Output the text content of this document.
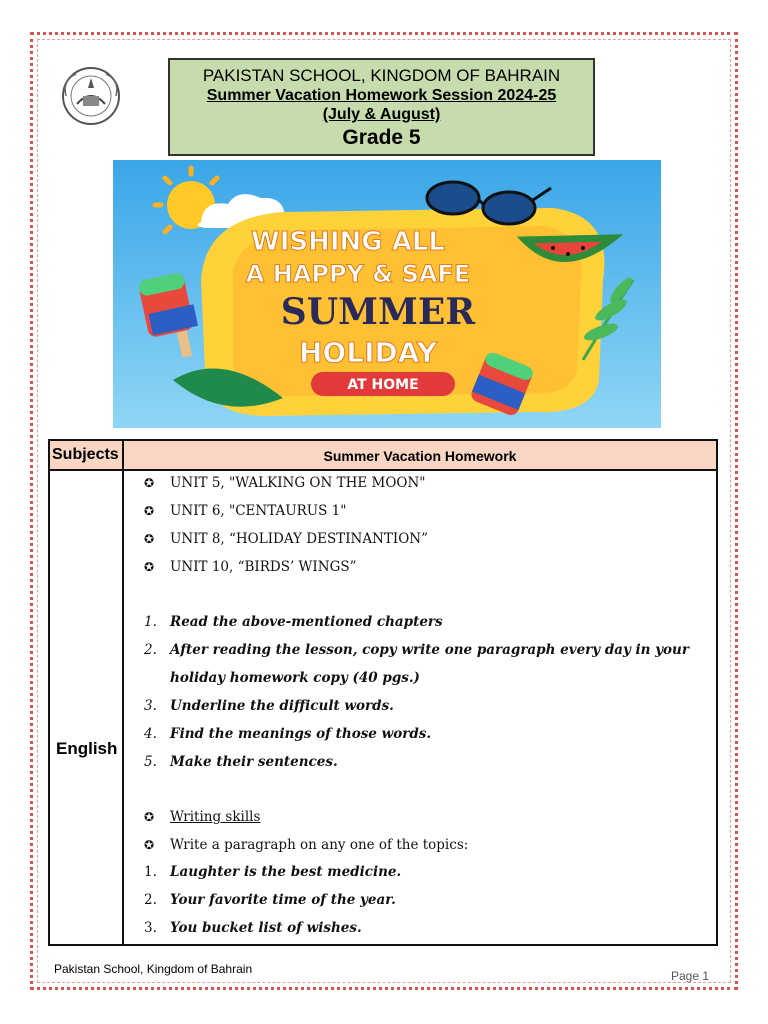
PAKISTAN SCHOOL, KINGDOM OF BAHRAIN
Summer Vacation Homework Session 2024-25
(July & August)
Grade 5
WISHING ALL
A HAPPY & SAFE
SUMMER
HOLIDAY
AT HOME
Subjects	Summer Vacation Homework
English
✪ UNIT 5, "WALKING ON THE MOON"
✪ UNIT 6, "CENTAURUS 1"
✪ UNIT 8, “HOLIDAY DESTINANTION”
✪ UNIT 10, “BIRDS’ WINGS”
1. Read the above-mentioned chapters
2. After reading the lesson, copy write one paragraph every day in your
holiday homework copy (40 pgs.)
3. Underline the difficult words.
4. Find the meanings of those words.
5. Make their sentences.
✪ Writing skills
✪ Write a paragraph on any one of the topics:
1. Laughter is the best medicine.
2. Your favorite time of the year.
3. You bucket list of wishes.
Pakistan School, Kingdom of Bahrain	Page 1
